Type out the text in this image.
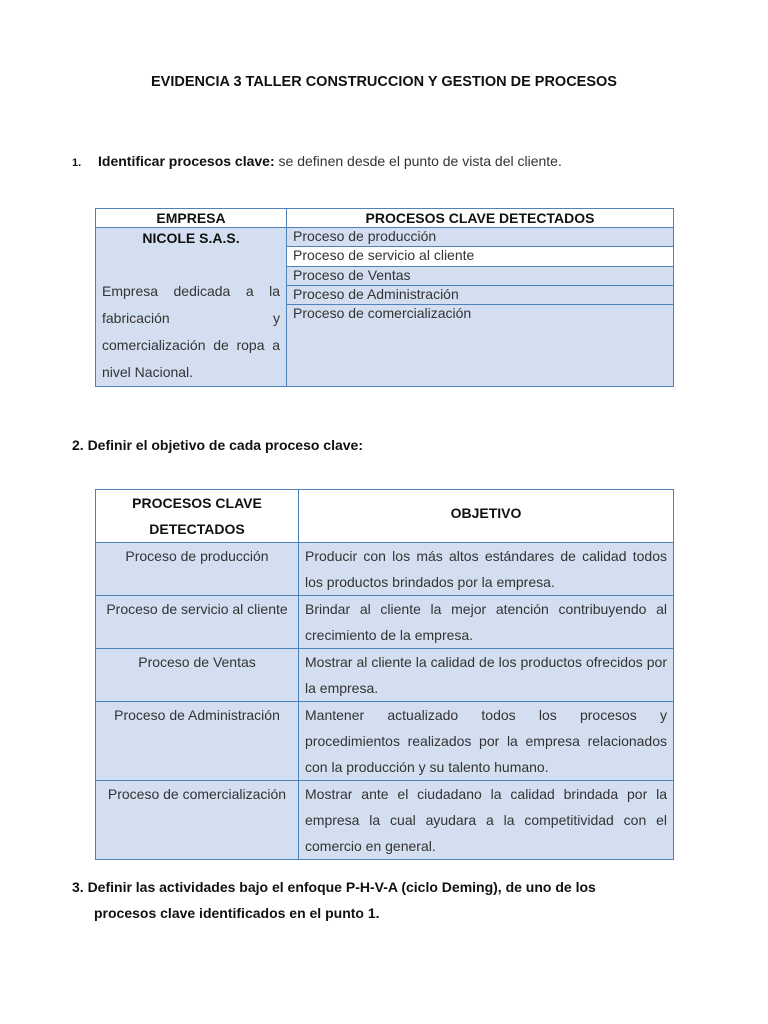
EVIDENCIA 3 TALLER CONSTRUCCION Y GESTION DE PROCESOS
1. Identificar procesos clave: se definen desde el punto de vista del cliente.
EMPRESA	PROCESOS CLAVE DETECTADOS

NICOLE S.A.S.
Empresa dedicada a la fabricación y comercialización de ropa a nivel Nacional.	Proceso de producción
	Proceso de servicio al cliente
	Proceso de Ventas
	Proceso de Administración
	Proceso de comercialización
2. Definir el objetivo de cada proceso clave:
PROCESOS CLAVE DETECTADOS	OBJETIVO
Proceso de producción	Producir con los más altos estándares de calidad todos los productos brindados por la empresa.
Proceso de servicio al cliente	Brindar al cliente la mejor atención contribuyendo al crecimiento de la empresa.
Proceso de Ventas	Mostrar al cliente la calidad de los productos ofrecidos por la empresa.
Proceso de Administración	Mantener actualizado todos los procesos y procedimientos realizados por la empresa relacionados con la producción y su talento humano.
Proceso de comercialización	Mostrar ante el ciudadano la calidad brindada por la empresa la cual ayudara a la competitividad con el comercio en general.
3. Definir las actividades bajo el enfoque P-H-V-A (ciclo Deming), de uno de los
procesos clave identificados en el punto 1.
